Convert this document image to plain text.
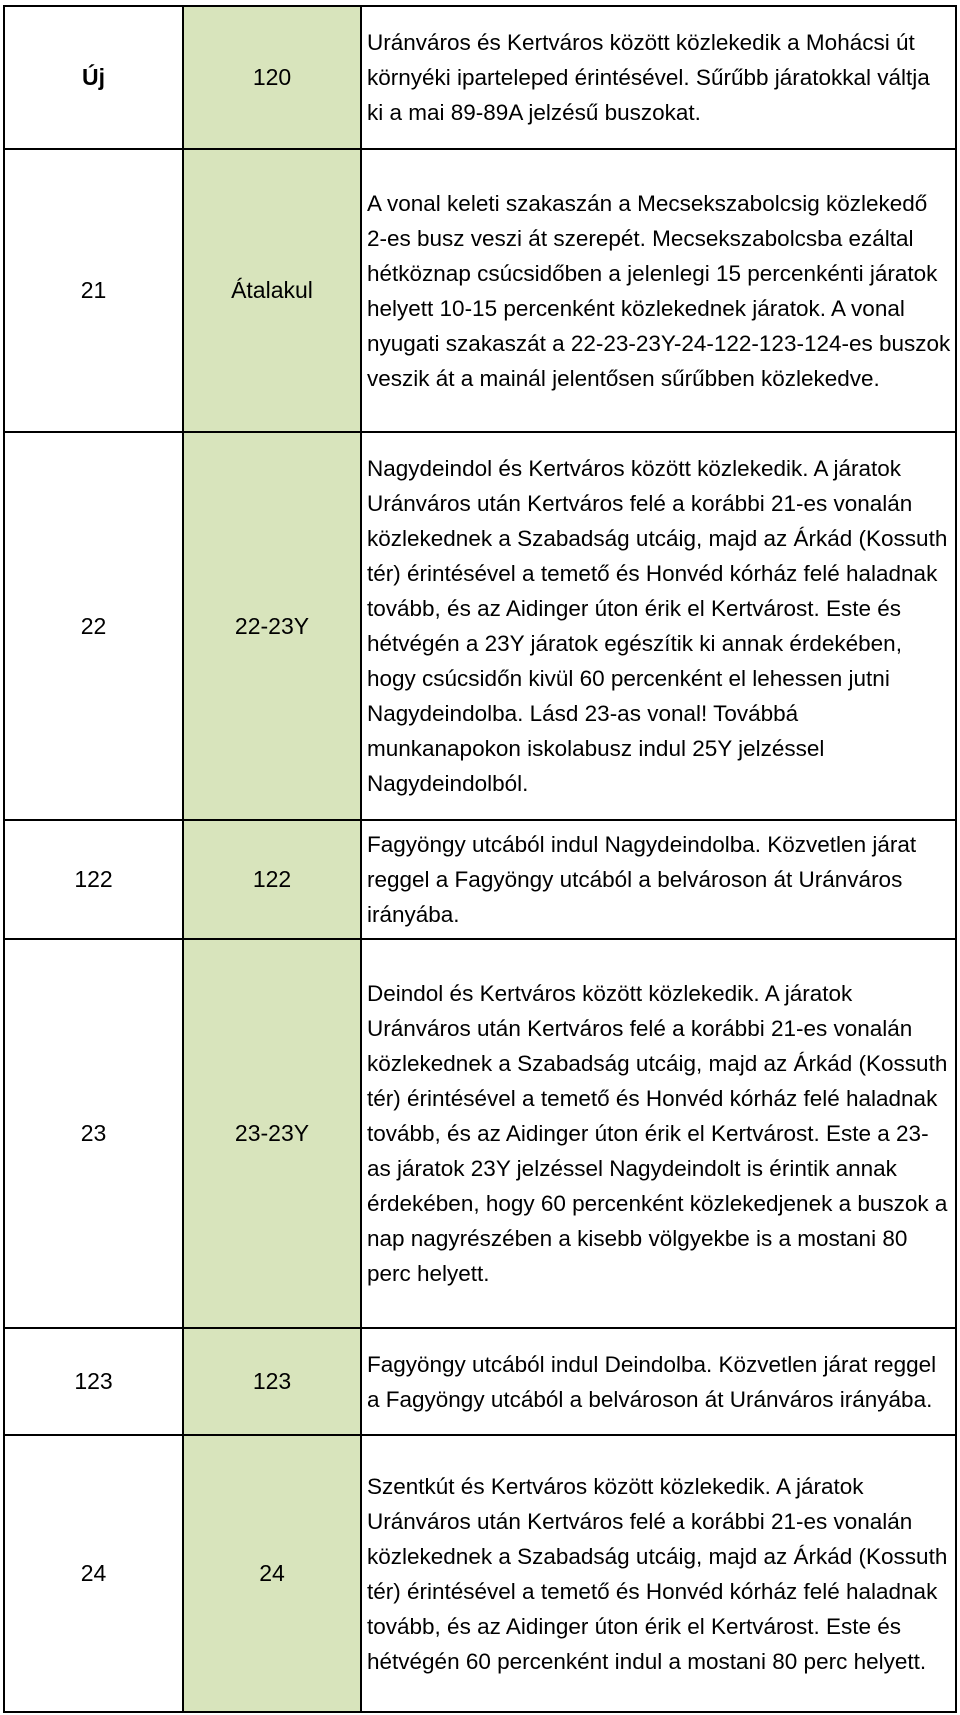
Új	120	Uránváros és Kertváros között közlekedik a Mohácsi út környéki iparteleped érintésével. Sűrűbb járatokkal váltja ki a mai 89-89A jelzésű buszokat.
21	Átalakul	A vonal keleti szakaszán a Mecsekszabolcsig közlekedő 2-es busz veszi át szerepét. Mecsekszabolcsba ezáltal hétköznap csúcsidőben a jelenlegi 15 percenkénti járatok helyett 10-15 percenként közlekednek járatok. A vonal nyugati szakaszát a 22-23-23Y-24-122-123-124-es buszok veszik át a mainál jelentősen sűrűbben közlekedve.
22	22-23Y	Nagydeindol és Kertváros között közlekedik. A járatok Uránváros után Kertváros felé a korábbi 21-es vonalán közlekednek a Szabadság utcáig, majd az Árkád (Kossuth tér) érintésével a temető és Honvéd kórház felé haladnak tovább, és az Aidinger úton érik el Kertvárost. Este és hétvégén a 23Y járatok egészítik ki annak érdekében, hogy csúcsidőn kivül 60 percenként el lehessen jutni Nagydeindolba. Lásd 23-as vonal! Továbbá munkanapokon iskolabusz indul 25Y jelzéssel Nagydeindolból.
122	122	Fagyöngy utcából indul Nagydeindolba. Közvetlen járat reggel a Fagyöngy utcából a belvároson át Uránváros irányába.
23	23-23Y	Deindol és Kertváros között közlekedik. A járatok Uránváros után Kertváros felé a korábbi 21-es vonalán közlekednek a Szabadság utcáig, majd az Árkád (Kossuth tér) érintésével a temető és Honvéd kórház felé haladnak tovább, és az Aidinger úton érik el Kertvárost. Este a 23-as járatok 23Y jelzéssel Nagydeindolt is érintik annak érdekében, hogy 60 percenként közlekedjenek a buszok a nap nagyrészében a kisebb völgyekbe is a mostani 80 perc helyett.
123	123	Fagyöngy utcából indul Deindolba. Közvetlen járat reggel a Fagyöngy utcából a belvároson át Uránváros irányába.
24	24	Szentkút és Kertváros között közlekedik. A járatok Uránváros után Kertváros felé a korábbi 21-es vonalán közlekednek a Szabadság utcáig, majd az Árkád (Kossuth tér) érintésével a temető és Honvéd kórház felé haladnak tovább, és az Aidinger úton érik el Kertvárost. Este és hétvégén 60 percenként indul a mostani 80 perc helyett.
